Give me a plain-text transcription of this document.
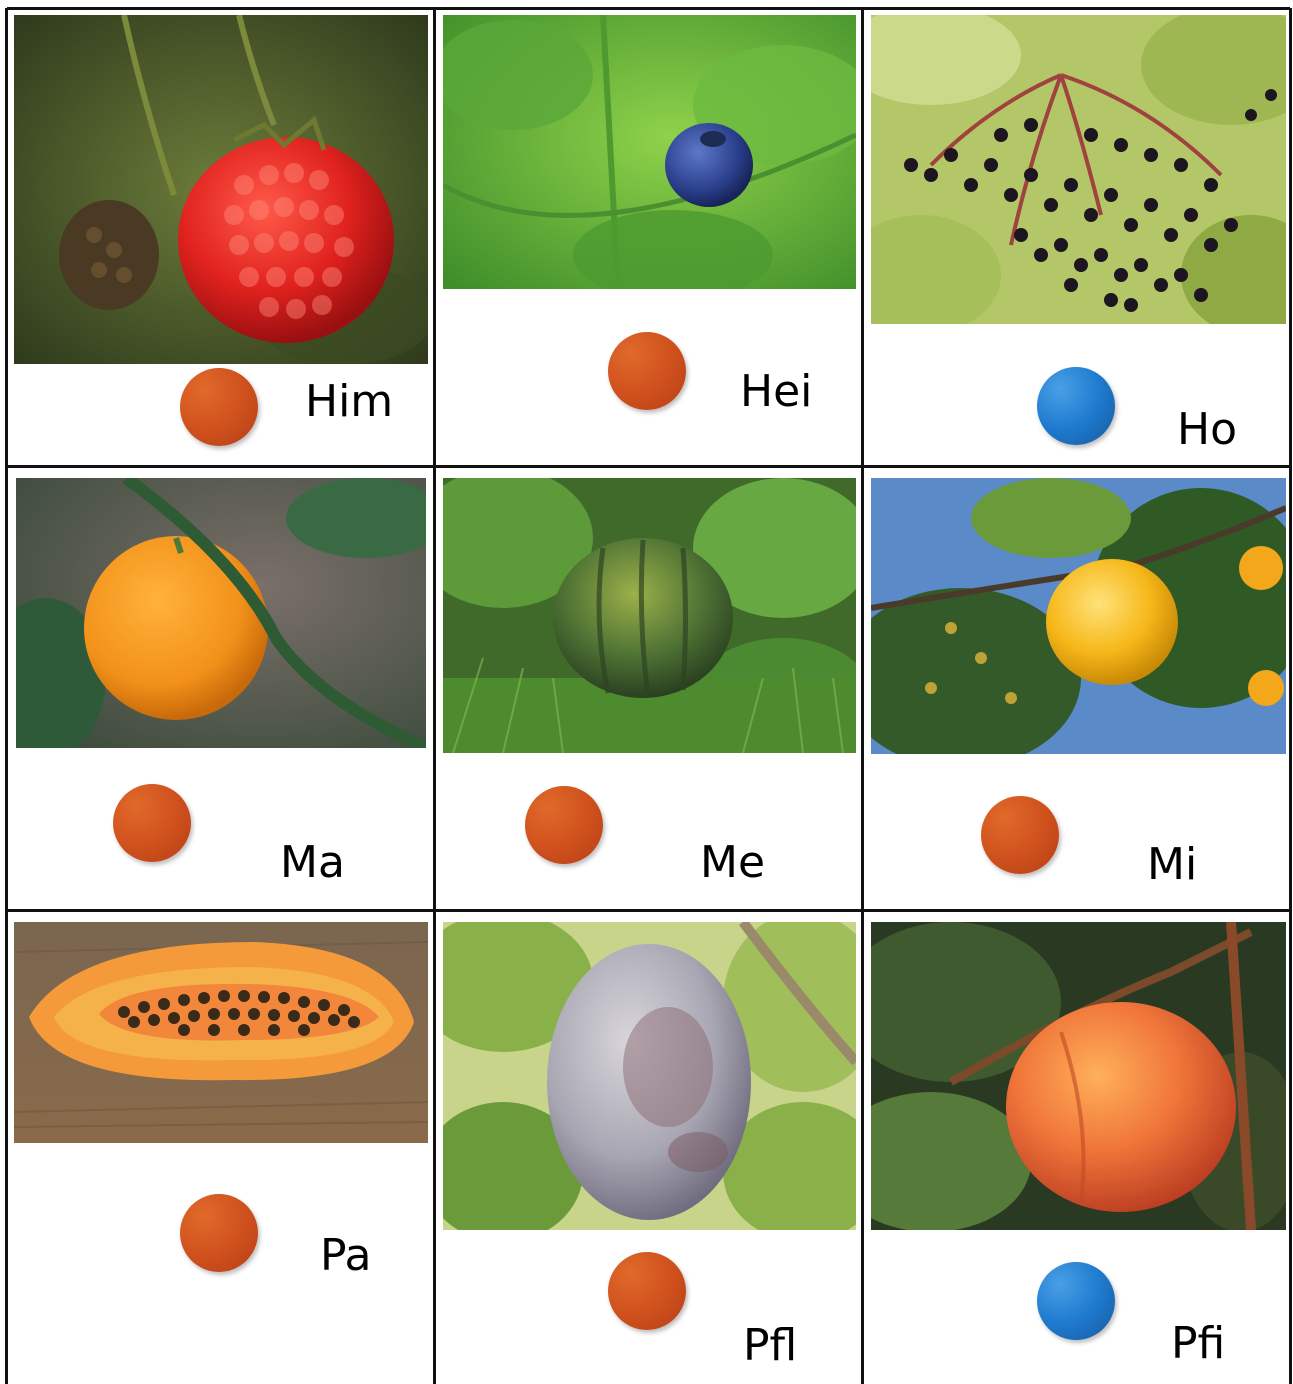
Him	Hei
Ho
Ma	Me	Mi
Pa
Pfl	Pfi
